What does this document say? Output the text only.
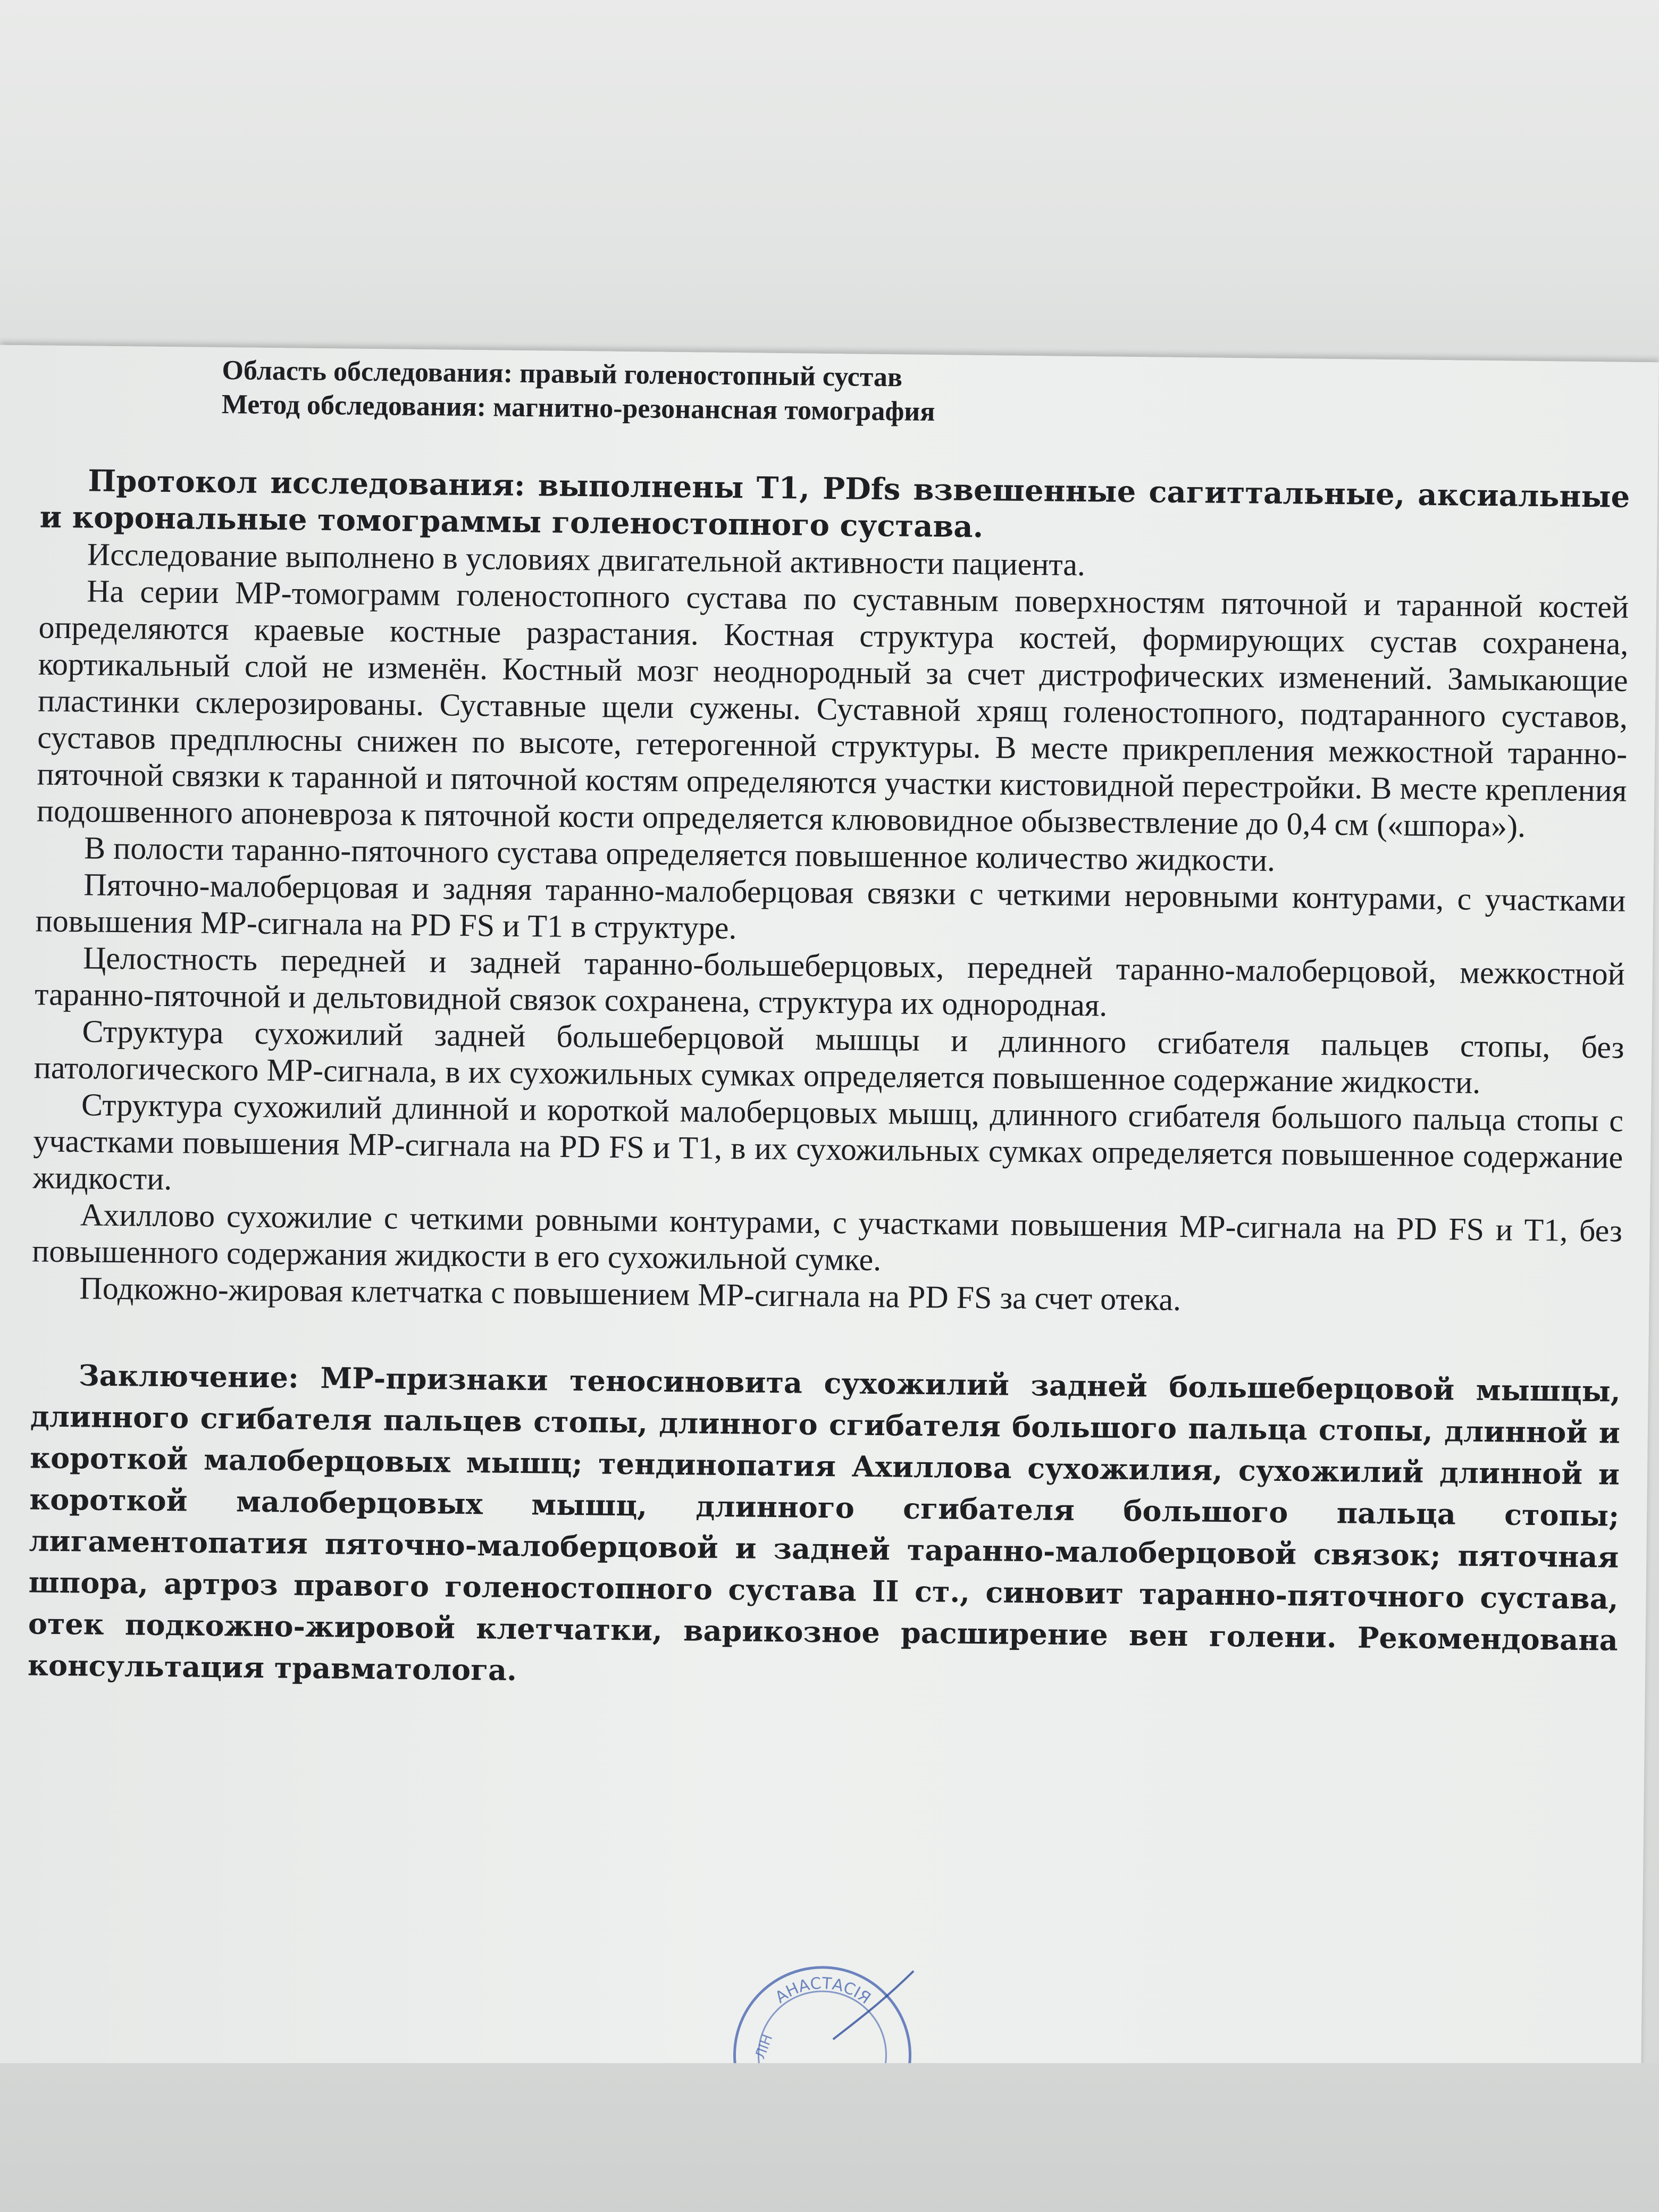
Область обследования: правый голеностопный сустав
Метод обследования: магнитно-резонансная томография

Протокол исследования: выполнены Т1, PDfs взвешенные сагиттальные, аксиальные и корональные томограммы голеностопного сустава.

Исследование выполнено в условиях двигательной активности пациента.

На серии МР-томограмм голеностопного сустава по суставным поверхностям пяточной и таранной костей определяются краевые костные разрастания. Костная структура костей, формирующих сустав сохранена, кортикальный слой не изменён. Костный мозг неоднородный за счет дистрофических изменений. Замыкающие пластинки склерозированы. Суставные щели сужены. Суставной хрящ голеностопного, подтаранного суставов, суставов предплюсны снижен по высоте, гетерогенной структуры. В месте прикрепления межкостной таранно-пяточной связки к таранной и пяточной костям определяются участки кистовидной перестройки. В месте крепления подошвенного апоневроза к пяточной кости определяется клювовидное обызвествление до 0,4 см («шпора»).

В полости таранно-пяточного сустава определяется повышенное количество жидкости.

Пяточно-малоберцовая и задняя таранно-малоберцовая связки с четкими неровными контурами, с участками повышения МР-сигнала на PD FS и Т1 в структуре.

Целостность передней и задней таранно-большеберцовых, передней таранно-малоберцовой, межкостной таранно-пяточной и дельтовидной связок сохранена, структура их однородная.

Структура сухожилий задней большеберцовой мышцы и длинного сгибателя пальцев стопы, без патологического МР-сигнала, в их сухожильных сумках определяется повышенное содержание жидкости.

Структура сухожилий длинной и короткой малоберцовых мышц, длинного сгибателя большого пальца стопы с участками повышения МР-сигнала на PD FS и T1, в их сухожильных сумках определяется повышенное содержание жидкости.

Ахиллово сухожилие с четкими ровными контурами, с участками повышения МР-сигнала на PD FS и T1, без повышенного содержания жидкости в его сухожильной сумке.

Подкожно-жировая клетчатка с повышением МР-сигнала на PD FS за счет отека.

Заключение: МР-признаки теносиновита сухожилий задней большеберцовой мышцы, длинного сгибателя пальцев стопы, длинного сгибателя большого пальца стопы, длинной и короткой малоберцовых мышц; тендинопатия Ахиллова сухожилия, сухожилий длинной и короткой малоберцовых мышц, длинного сгибателя большого пальца стопы; лигаментопатия пяточно-малоберцовой и задней таранно-малоберцовой связок; пяточная шпора, артроз правого голеностопного сустава II ст., синовит таранно-пяточного сустава, отек подкожно-жировой клетчатки, варикозное расширение вен голени. Рекомендована консультация травматолога.

АНАСТАСІЯ
ЛІН
